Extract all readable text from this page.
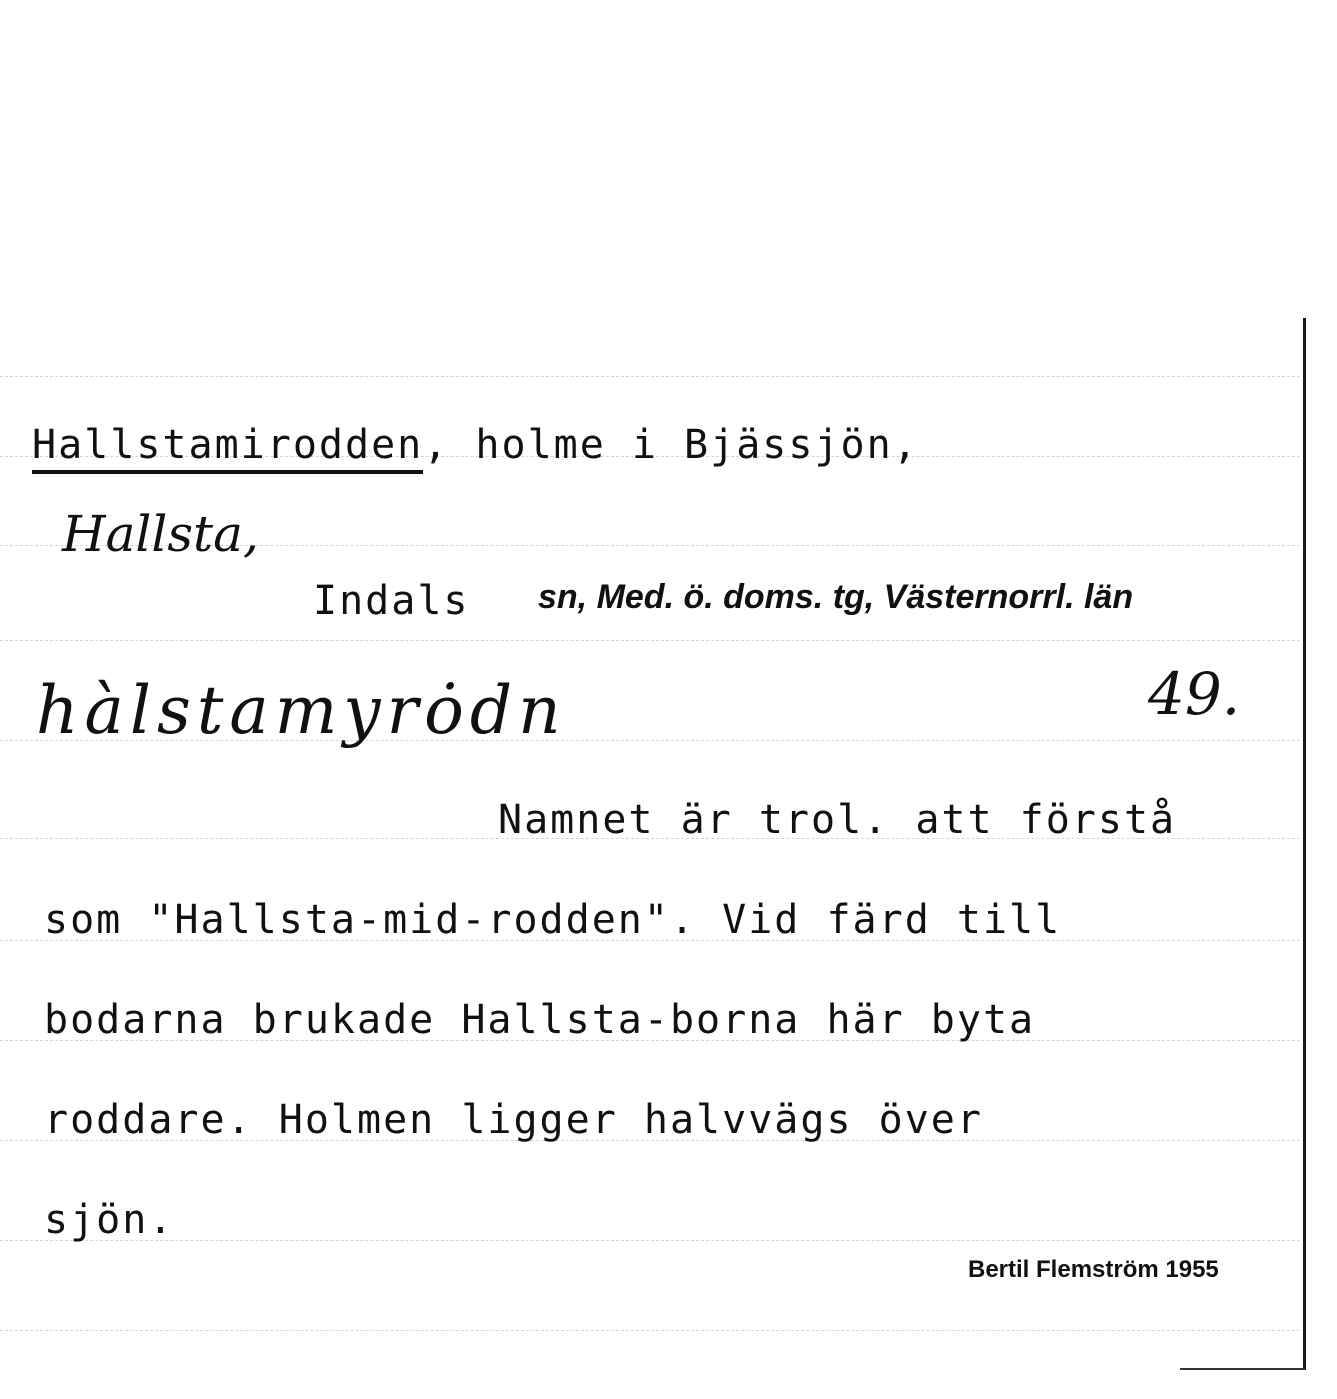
Hallstamirodden, holme i Bjässjön,
Hallsta,
Indals sn, Med. ö. doms. tg, Västernorrl. län
hàlstamyrȯdn	49.
Namnet är trol. att förstå
som "Hallsta-mid-rodden". Vid färd till
bodarna brukade Hallsta-borna här byta
roddare. Holmen ligger halvvägs över
sjön.
Bertil Flemström 1955
